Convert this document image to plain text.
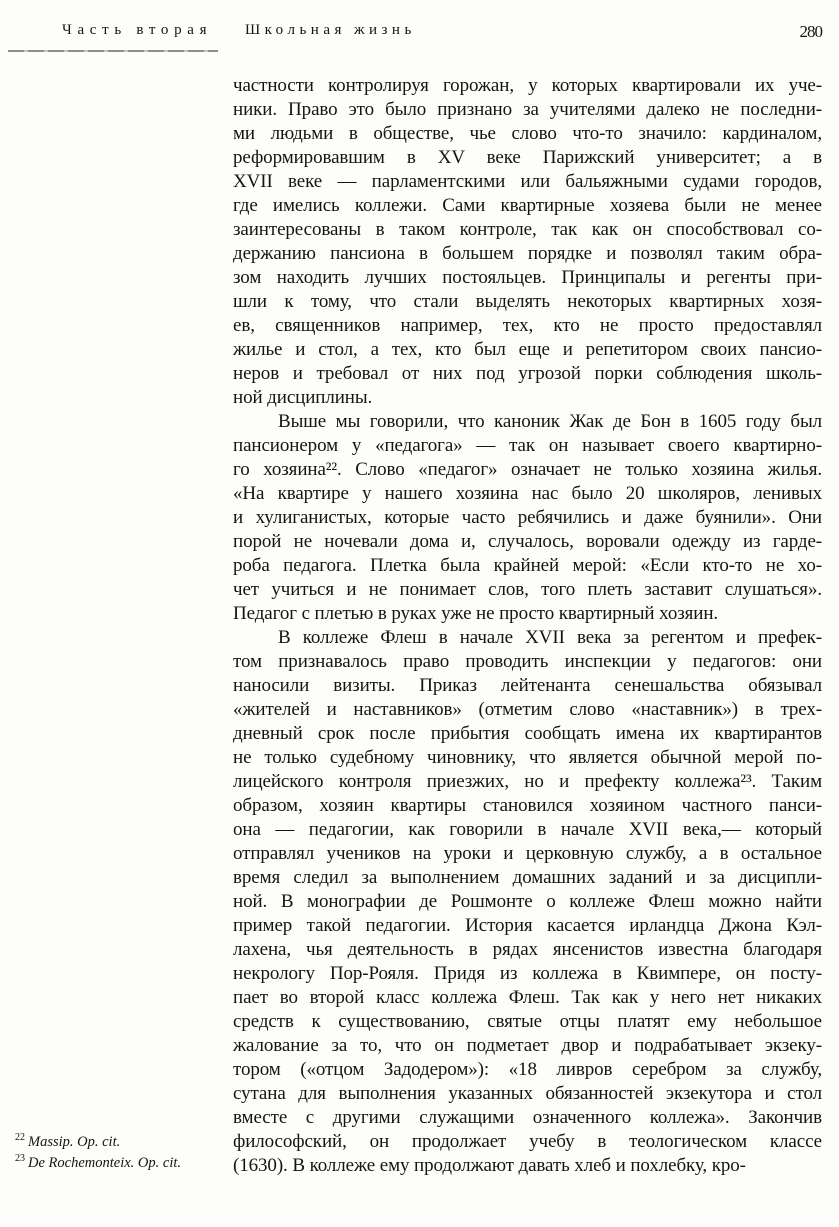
Часть вторая Школьная жизнь	280
частности контролируя горожан, у которых квартировали их уче-
ники. Право это было признано за учителями далеко не последни-
ми людьми в обществе, чье слово что-то значило: кардиналом,
реформировавшим в XV веке Парижский университет; а в
XVII веке — парламентскими или бальяжными судами городов,
где имелись коллежи. Сами квартирные хозяева были не менее
заинтересованы в таком контроле, так как он способствовал со-
держанию пансиона в большем порядке и позволял таким обра-
зом находить лучших постояльцев. Принципалы и регенты при-
шли к тому, что стали выделять некоторых квартирных хозя-
ев, священников например, тех, кто не просто предоставлял
жилье и стол, а тех, кто был еще и репетитором своих пансио-
неров и требовал от них под угрозой порки соблюдения школь-
ной дисциплины.
Выше мы говорили, что каноник Жак де Бон в 1605 году был
пансионером у «педагога» — так он называет своего квартирно-
го хозяина²². Слово «педагог» означает не только хозяина жилья.
«На квартире у нашего хозяина нас было 20 школяров, ленивых
и хулиганистых, которые часто ребячились и даже буянили». Они
порой не ночевали дома и, случалось, воровали одежду из гарде-
роба педагога. Плетка была крайней мерой: «Если кто-то не хо-
чет учиться и не понимает слов, того плеть заставит слушаться».
Педагог с плетью в руках уже не просто квартирный хозяин.
В коллеже Флеш в начале XVII века за регентом и префек-
том признавалось право проводить инспекции у педагогов: они
наносили визиты. Приказ лейтенанта сенешальства обязывал
«жителей и наставников» (отметим слово «наставник») в трех-
дневный срок после прибытия сообщать имена их квартирантов
не только судебному чиновнику, что является обычной мерой по-
лицейского контроля приезжих, но и префекту коллежа²³. Таким
образом, хозяин квартиры становился хозяином частного панси-
она — педагогии, как говорили в начале XVII века,— который
отправлял учеников на уроки и церковную службу, а в остальное
время следил за выполнением домашних заданий и за дисципли-
ной. В монографии де Рошмонте о коллеже Флеш можно найти
пример такой педагогии. История касается ирландца Джона Кэл-
лахена, чья деятельность в рядах янсенистов известна благодаря
некрологу Пор-Рояля. Придя из коллежа в Квимпере, он посту-
пает во второй класс коллежа Флеш. Так как у него нет никаких
средств к существованию, святые отцы платят ему небольшое
жалование за то, что он подметает двор и подрабатывает экзеку-
тором («отцом Задодером»): «18 ливров серебром за службу,
сутана для выполнения указанных обязанностей экзекутора и стол
вместе с другими служащими означенного коллежа». Закончив
философский, он продолжает учебу в теологическом классе
(1630). В коллеже ему продолжают давать хлеб и похлебку, кро-
$^{22}$ Massip. Op. cit.
$^{23}$ De Rochemonteix. Op. cit.
